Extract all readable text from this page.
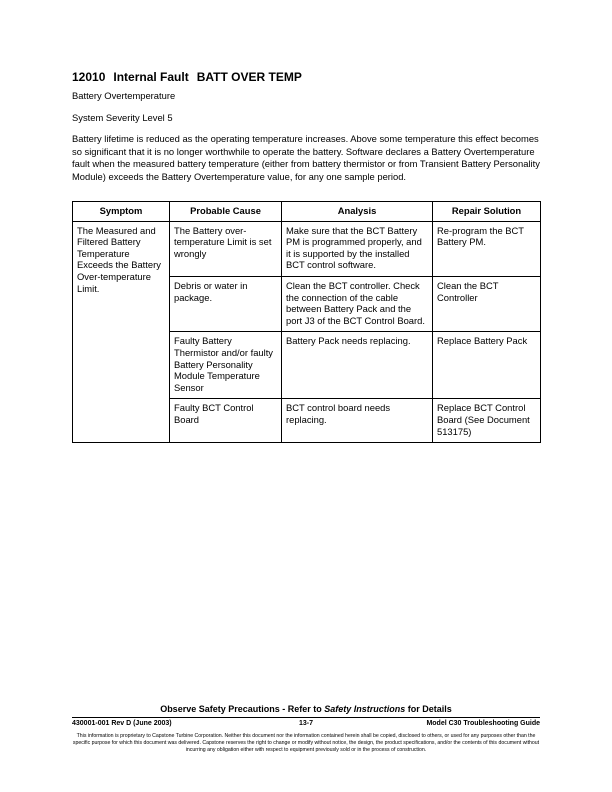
12010 Internal Fault BATT OVER TEMP

Battery Overtemperature

System Severity Level 5

Battery lifetime is reduced as the operating temperature increases. Above some temperature this effect becomes so significant that it is no longer worthwhile to operate the battery. Software declares a Battery Overtemperature fault when the measured battery temperature (either from battery thermistor or from Transient Battery Personality Module) exceeds the Battery Overtemperature value, for any one sample period.

Symptom	Probable Cause	Analysis	Repair Solution
The Measured and Filtered Battery Temperature Exceeds the Battery Over-temperature Limit.	The Battery over-temperature Limit is set wrongly	Make sure that the BCT Battery PM is programmed properly, and it is supported by the installed BCT control software.	Re-program the BCT Battery PM.
	Debris or water in package.	Clean the BCT controller. Check the connection of the cable between Battery Pack and the port J3 of the BCT Control Board.	Clean the BCT Controller
	Faulty Battery Thermistor and/or faulty Battery Personality Module Temperature Sensor	Battery Pack needs replacing.	Replace Battery Pack
	Faulty BCT Control Board	BCT control board needs replacing.	Replace BCT Control Board (See Document 513175)
Observe Safety Precautions - Refer to Safety Instructions for Details
430001-001 Rev D (June 2003)	13-7	Model C30 Troubleshooting Guide
This information is proprietary to Capstone Turbine Corporation. Neither this document nor the information contained herein shall be copied, disclosed to others, or used for any purposes other than the specific purpose for which this document was delivered. Capstone reserves the right to change or modify without notice, the design, the product specifications, and/or the contents of this document without incurring any obligation either with respect to equipment previously sold or in the process of construction.
